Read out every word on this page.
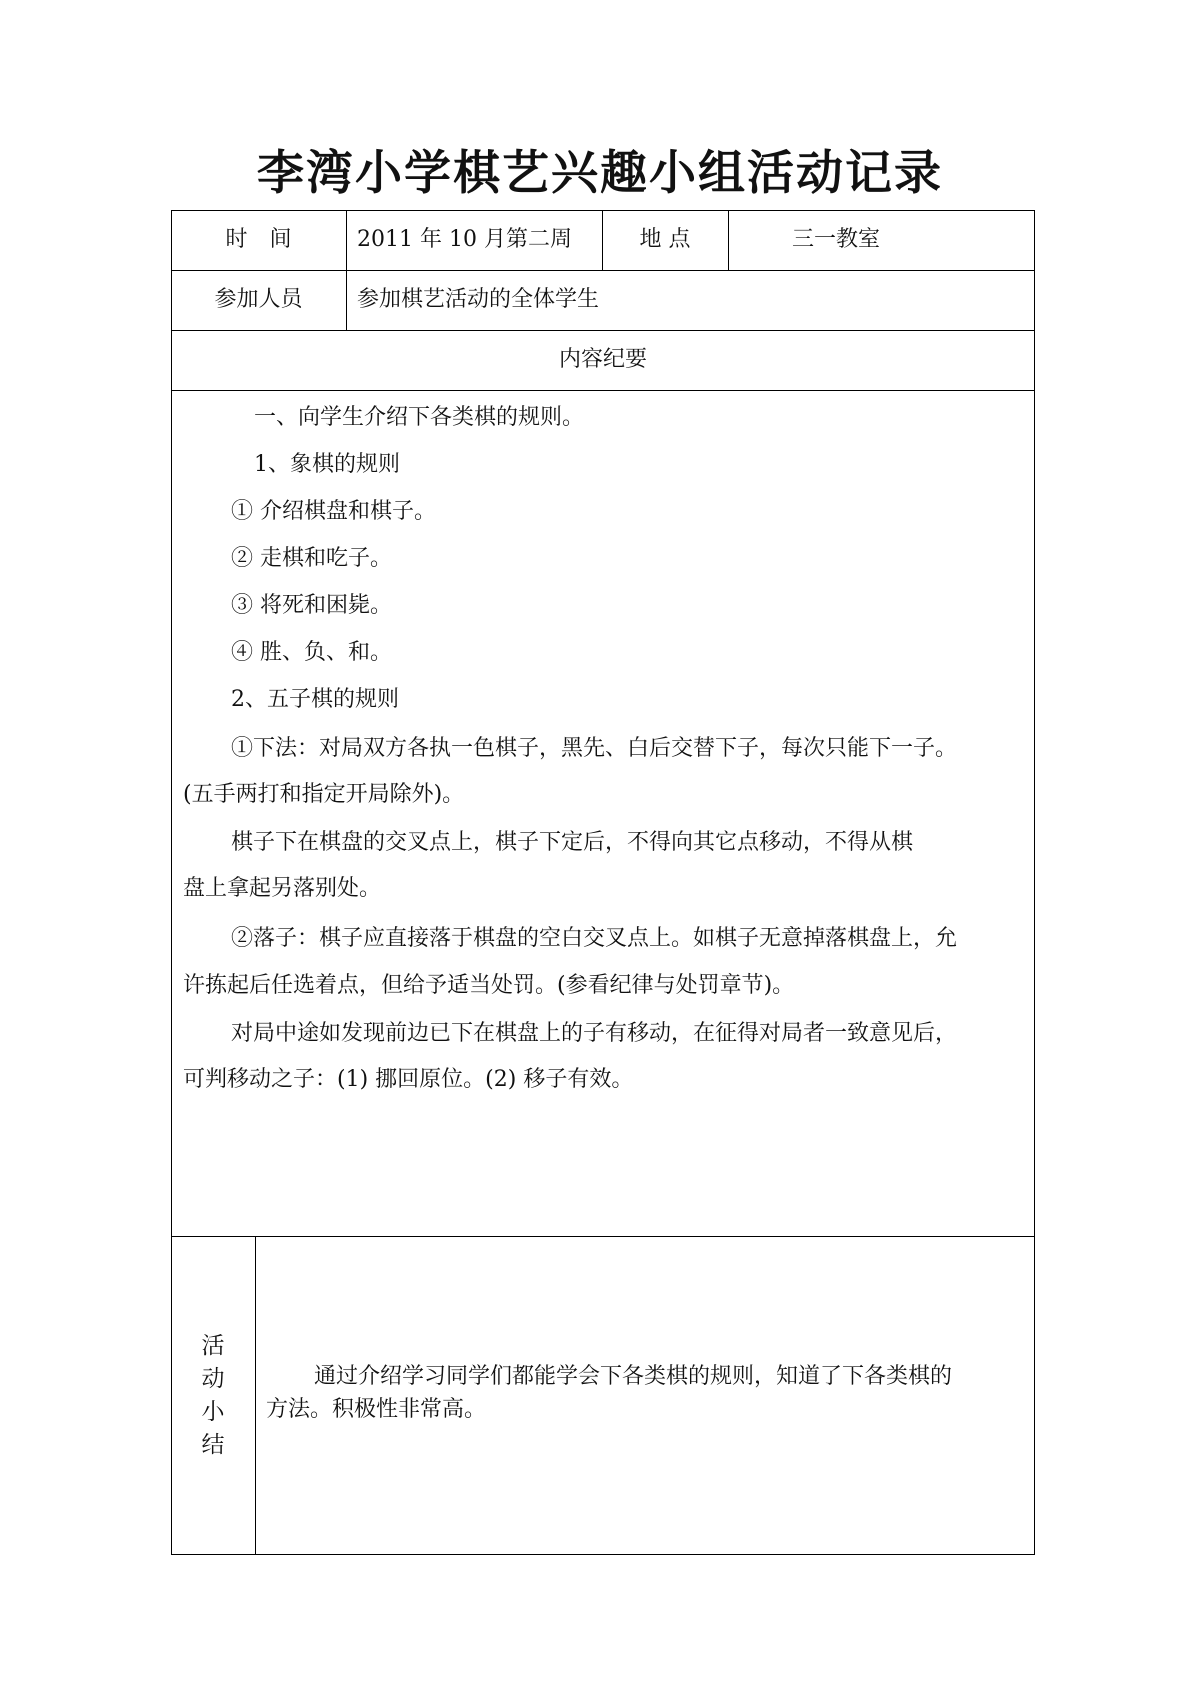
李湾小学棋艺兴趣小组活动记录
时　间	2011 年 10 月第二周	地 点	三一教室
参加人员	参加棋艺活动的全体学生
内容纪要
一、向学生介绍下各类棋的规则。
1、象棋的规则
① 介绍棋盘和棋子。
② 走棋和吃子。
③ 将死和困毙。
④ 胜、负、和。
2、五子棋的规则
①下法：对局双方各执一色棋子，黑先、白后交替下子，每次只能下一子。
(五手两打和指定开局除外)。
棋子下在棋盘的交叉点上，棋子下定后，不得向其它点移动，不得从棋
盘上拿起另落别处。
②落子：棋子应直接落于棋盘的空白交叉点上。如棋子无意掉落棋盘上，允
许拣起后任选着点，但给予适当处罚。(参看纪律与处罚章节)。
对局中途如发现前边已下在棋盘上的子有移动，在征得对局者一致意见后，
可判移动之子：(1) 挪回原位。(2) 移子有效。
活
动
小
结
通过介绍学习同学们都能学会下各类棋的规则，知道了下各类棋的
方法。积极性非常高。
